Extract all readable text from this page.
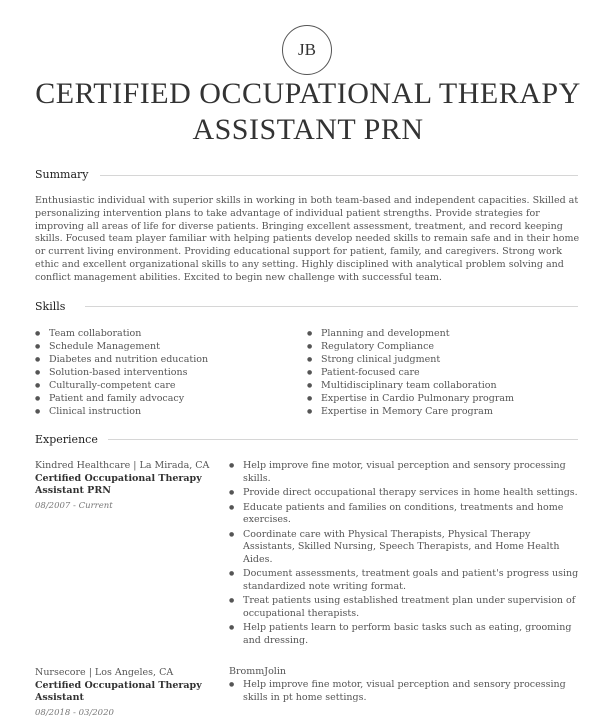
JB
CERTIFIED OCCUPATIONAL THERAPY
ASSISTANT PRN
Summary
Enthusiastic individual with superior skills in working in both team-based and independent capacities. Skilled at personalizing intervention plans to take advantage of individual patient strengths. Provide strategies for improving all areas of life for diverse patients. Bringing excellent assessment, treatment, and record keeping skills. Focused team player familiar with helping patients develop needed skills to remain safe and in their home or current living environment. Providing educational support for patient, family, and caregivers. Strong work ethic and excellent organizational skills to any setting. Highly disciplined with analytical problem solving and conflict management abilities. Excited to begin new challenge with successful team.
Skills
● Team collaboration
● Schedule Management
● Diabetes and nutrition education
● Solution-based interventions
● Culturally-competent care
● Patient and family advocacy
● Clinical instruction
● Planning and development
● Regulatory Compliance
● Strong clinical judgment
● Patient-focused care
● Multidisciplinary team collaboration
● Expertise in Cardio Pulmonary program
● Expertise in Memory Care program
Experience
Kindred Healthcare | La Mirada, CA
Certified Occupational Therapy Assistant PRN
08/2007 - Current
● Help improve fine motor, visual perception and sensory processing skills.
● Provide direct occupational therapy services in home health settings.
● Educate patients and families on conditions, treatments and home exercises.
● Coordinate care with Physical Therapists, Physical Therapy Assistants, Skilled Nursing, Speech Therapists, and Home Health Aides.
● Document assessments, treatment goals and patient's progress using standardized note writing format.
● Treat patients using established treatment plan under supervision of occupational therapists.
● Help patients learn to perform basic tasks such as eating, grooming and dressing.
Nursecore | Los Angeles, CA
Certified Occupational Therapy Assistant
08/2018 - 03/2020
BrommJolin
● Help improve fine motor, visual perception and sensory processing skills in pt home settings.
